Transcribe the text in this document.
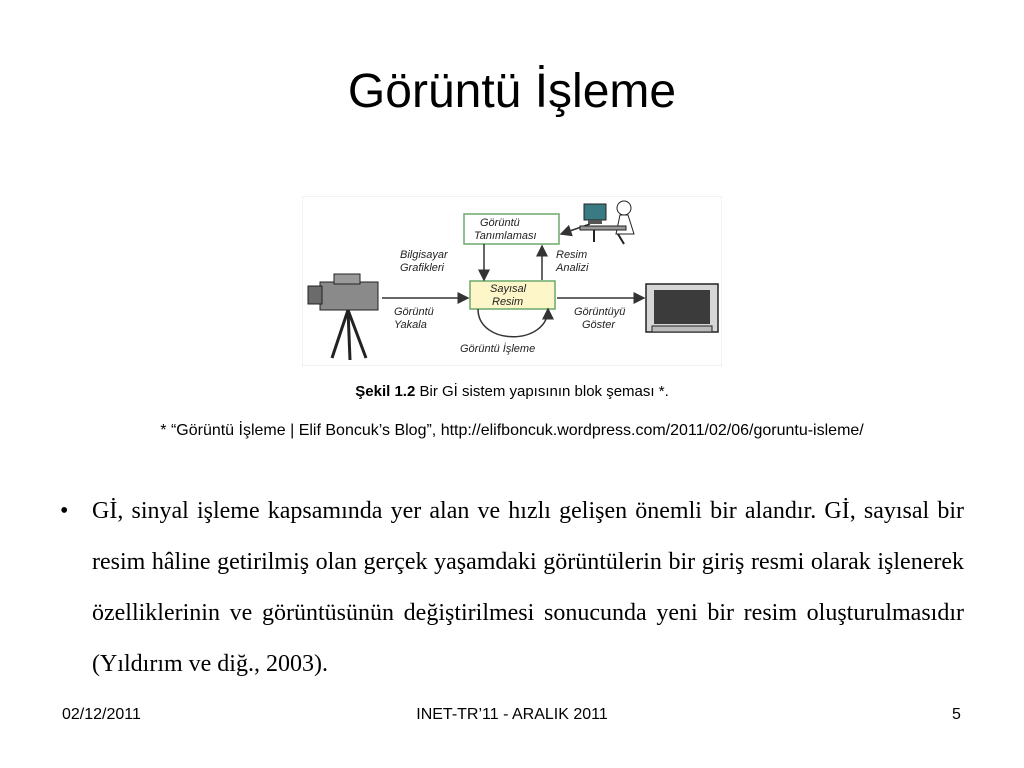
Görüntü İşleme
Görüntü
Tanımlaması
Sayısal
Resim
Bilgisayar
Grafikleri
Resim
Analizi
Görüntü
Yakala
Görüntüyü
Göster
Görüntü İşleme
Şekil 1.2 Bir Gİ sistem yapısının blok şeması *.
* “Görüntü İşleme | Elif Boncuk’s Blog”, http://elifboncuk.wordpress.com/2011/02/06/goruntu-isleme/
• Gİ, sinyal işleme kapsamında yer alan ve hızlı gelişen önemli bir alandır. Gİ, sayısal bir resim hâline getirilmiş olan gerçek yaşamdaki görüntülerin bir giriş resmi olarak işlenerek özelliklerinin ve görüntüsünün değiştirilmesi sonucunda yeni bir resim oluşturulmasıdır (Yıldırım ve diğ., 2003).
02/12/2011	INET-TR’11 - ARALIK 2011	5
